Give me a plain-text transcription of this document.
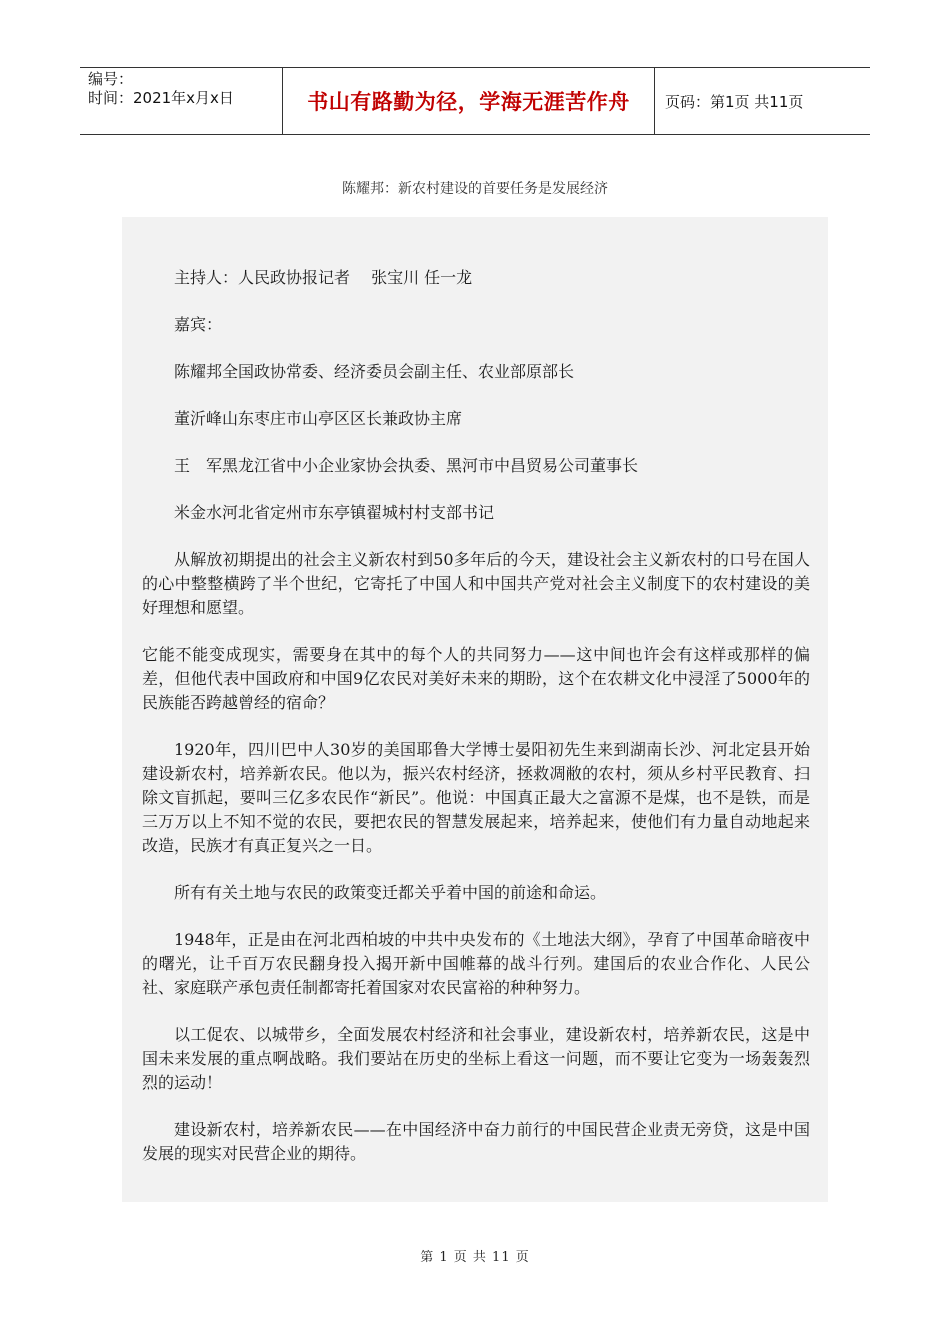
编号：
时间：2021年x月x日	书山有路勤为径，学海无涯苦作舟	页码：第1页 共11页
陈耀邦：新农村建设的首要任务是发展经济

主持人：人民政协报记者　 张宝川 任一龙

嘉宾：

陈耀邦全国政协常委、经济委员会副主任、农业部原部长

董沂峰山东枣庄市山亭区区长兼政协主席

王　军黑龙江省中小企业家协会执委、黑河市中昌贸易公司董事长

米金水河北省定州市东亭镇翟城村村支部书记

从解放初期提出的社会主义新农村到50多年后的今天，建设社会主义新农村的口号在国人的心中整整横跨了半个世纪，它寄托了中国人和中国共产党对社会主义制度下的农村建设的美好理想和愿望。

它能不能变成现实，需要身在其中的每个人的共同努力——这中间也许会有这样或那样的偏差，但他代表中国政府和中国9亿农民对美好未来的期盼，这个在农耕文化中浸淫了5000年的民族能否跨越曾经的宿命？

1920年，四川巴中人30岁的美国耶鲁大学博士晏阳初先生来到湖南长沙、河北定县开始建设新农村，培养新农民。他以为，振兴农村经济，拯救凋敝的农村，须从乡村平民教育、扫除文盲抓起，要叫三亿多农民作“新民”。他说：中国真正最大之富源不是煤，也不是铁，而是三万万以上不知不觉的农民，要把农民的智慧发展起来，培养起来，使他们有力量自动地起来改造，民族才有真正复兴之一日。

所有有关土地与农民的政策变迁都关乎着中国的前途和命运。

1948年，正是由在河北西柏坡的中共中央发布的《土地法大纲》，孕育了中国革命暗夜中的曙光，让千百万农民翻身投入揭开新中国帷幕的战斗行列。建国后的农业合作化、人民公社、家庭联产承包责任制都寄托着国家对农民富裕的种种努力。

以工促农、以城带乡，全面发展农村经济和社会事业，建设新农村，培养新农民，这是中国未来发展的重点啊战略。我们要站在历史的坐标上看这一问题，而不要让它变为一场轰轰烈烈的运动！

建设新农村，培养新农民——在中国经济中奋力前行的中国民营企业责无旁贷，这是中国发展的现实对民营企业的期待。

第 1 页 共 11 页
